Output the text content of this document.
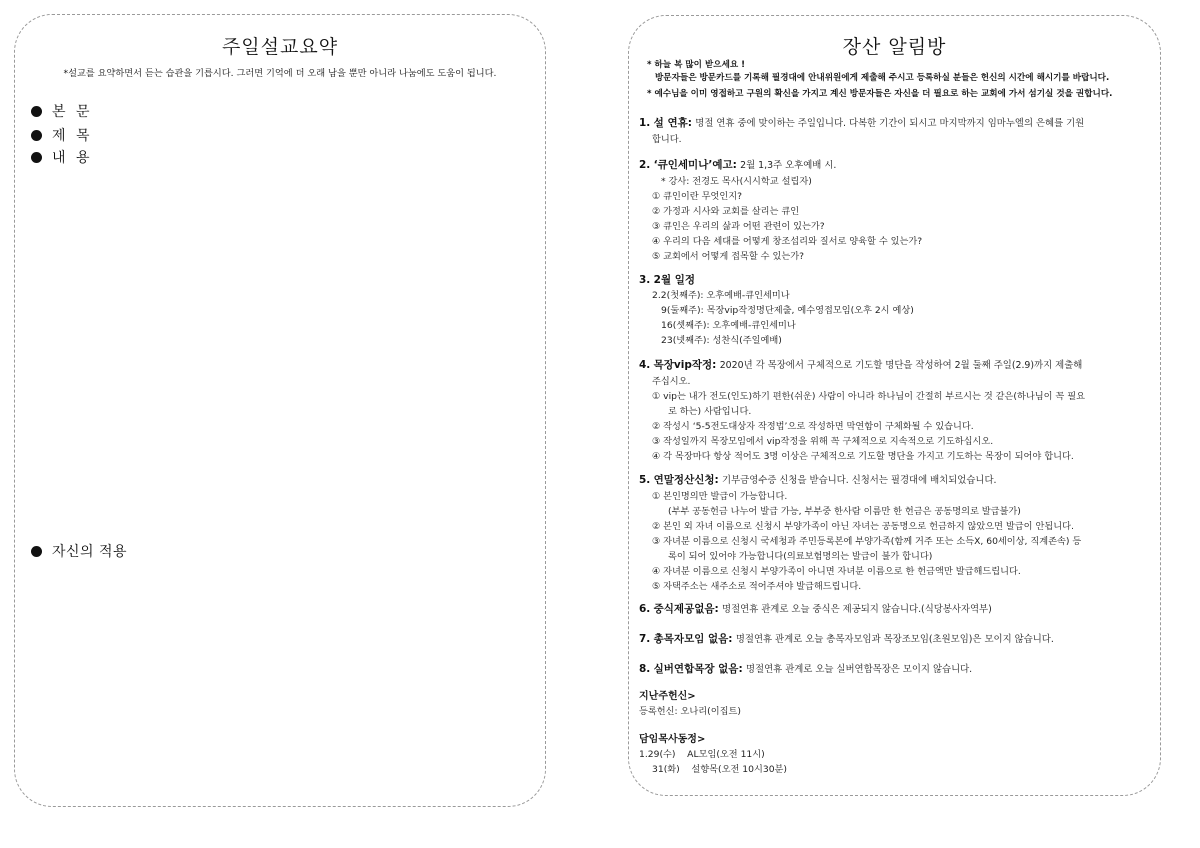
주일설교요약
*설교를 요약하면서 듣는 습관을 기릅시다. 그러면 기억에 더 오래 남을 뿐만 아니라 나눔에도 도움이 됩니다.
본 문
제 목
내 용
자신의 적용
장산 알림방
* 하늘 복 많이 받으세요 !
방문자들은 방문카드를 기록해 필경대에 안내위원에게 제출해 주시고 등록하실 분들은 헌신의 시간에 해시기를 바랍니다.
* 예수님을 이미 영접하고 구원의 확신을 가지고 계신 방문자들은 자신을 더 필요로 하는 교회에 가서 섬기실 것을 권합니다.
1. 설 연휴: 명절 연휴 중에 맞이하는 주일입니다. 다복한 기간이 되시고 마지막까지 임마누엘의 은혜를 기원
합니다.
2. ‘큐인세미나’예고: 2월 1,3주 오후예배 시.
* 강사: 전경도 목사(시시학교 설립자)
① 큐인이란 무엇인지?
② 가정과 시사와 교회를 살리는 큐인
③ 큐인은 우리의 삶과 어떤 관련이 있는가?
④ 우리의 다음 세대를 어떻게 창조섭리와 질서로 양육할 수 있는가?
⑤ 교회에서 어떻게 접목할 수 있는가?
3. 2월 일정
2.2(첫째주): 오후예배-큐인세미나
9(둘째주): 목장vip작정명단제출, 예수영접모임(오후 2시 예상)
16(셋째주): 오후예배-큐인세미나
23(넷째주): 성찬식(주일예배)
4. 목장vip작정: 2020년 각 목장에서 구체적으로 기도할 명단을 작성하여 2월 둘째 주일(2.9)까지 제출해
주십시오.
① vip는 내가 전도(인도)하기 편한(쉬운) 사람이 아니라 하나님이 간절히 부르시는 것 같은(하나님이 꼭 필요
로 하는) 사람입니다.
② 작성시 ‘5-5전도대상자 작정법’으로 작성하면 막연함이 구체화될 수 있습니다.
③ 작성일까지 목장모임에서 vip작정을 위해 꼭 구체적으로 지속적으로 기도하십시오.
④ 각 목장마다 항상 적어도 3명 이상은 구체적으로 기도할 명단을 가지고 기도하는 목장이 되어야 합니다.
5. 연말정산신청: 기부금영수증 신청을 받습니다. 신청서는 필경대에 배치되었습니다.
① 본인명의만 발급이 가능합니다.
(부부 공동헌금 나누어 발급 가능, 부부중 한사람 이름만 한 헌금은 공동명의로 발급불가)
② 본인 외 자녀 이름으로 신청시 부양가족이 아닌 자녀는 공동명으로 헌금하지 않았으면 발급이 안됩니다.
③ 자녀분 이름으로 신청시 국세청과 주민등록본에 부양가족(함께 거주 또는 소득X, 60세이상, 직계존속) 등
록이 되어 있어야 가능합니다(의료보험명의는 발급이 불가 합니다)
④ 자녀분 이름으로 신청시 부양가족이 아니면 자녀분 이름으로 한 헌금액만 발급해드립니다.
⑤ 자택주소는 새주소로 적어주셔야 발급해드립니다.
6. 중식제공없음: 명절연휴 관계로 오늘 중식은 제공되지 않습니다.(식당봉사자역부)
7. 총목자모임 없음: 명절연휴 관계로 오늘 총목자모임과 목장조모임(초원모임)은 모이지 않습니다.
8. 실버연합목장 없음: 명절연휴 관계로 오늘 실버연합목장은 모이지 않습니다.
지난주헌신>
등록헌신: 오나리(이집트)
담임목사동정>
1.29(수)    AL모임(오전 11시)
31(화)    설향목(오전 10시30분)
